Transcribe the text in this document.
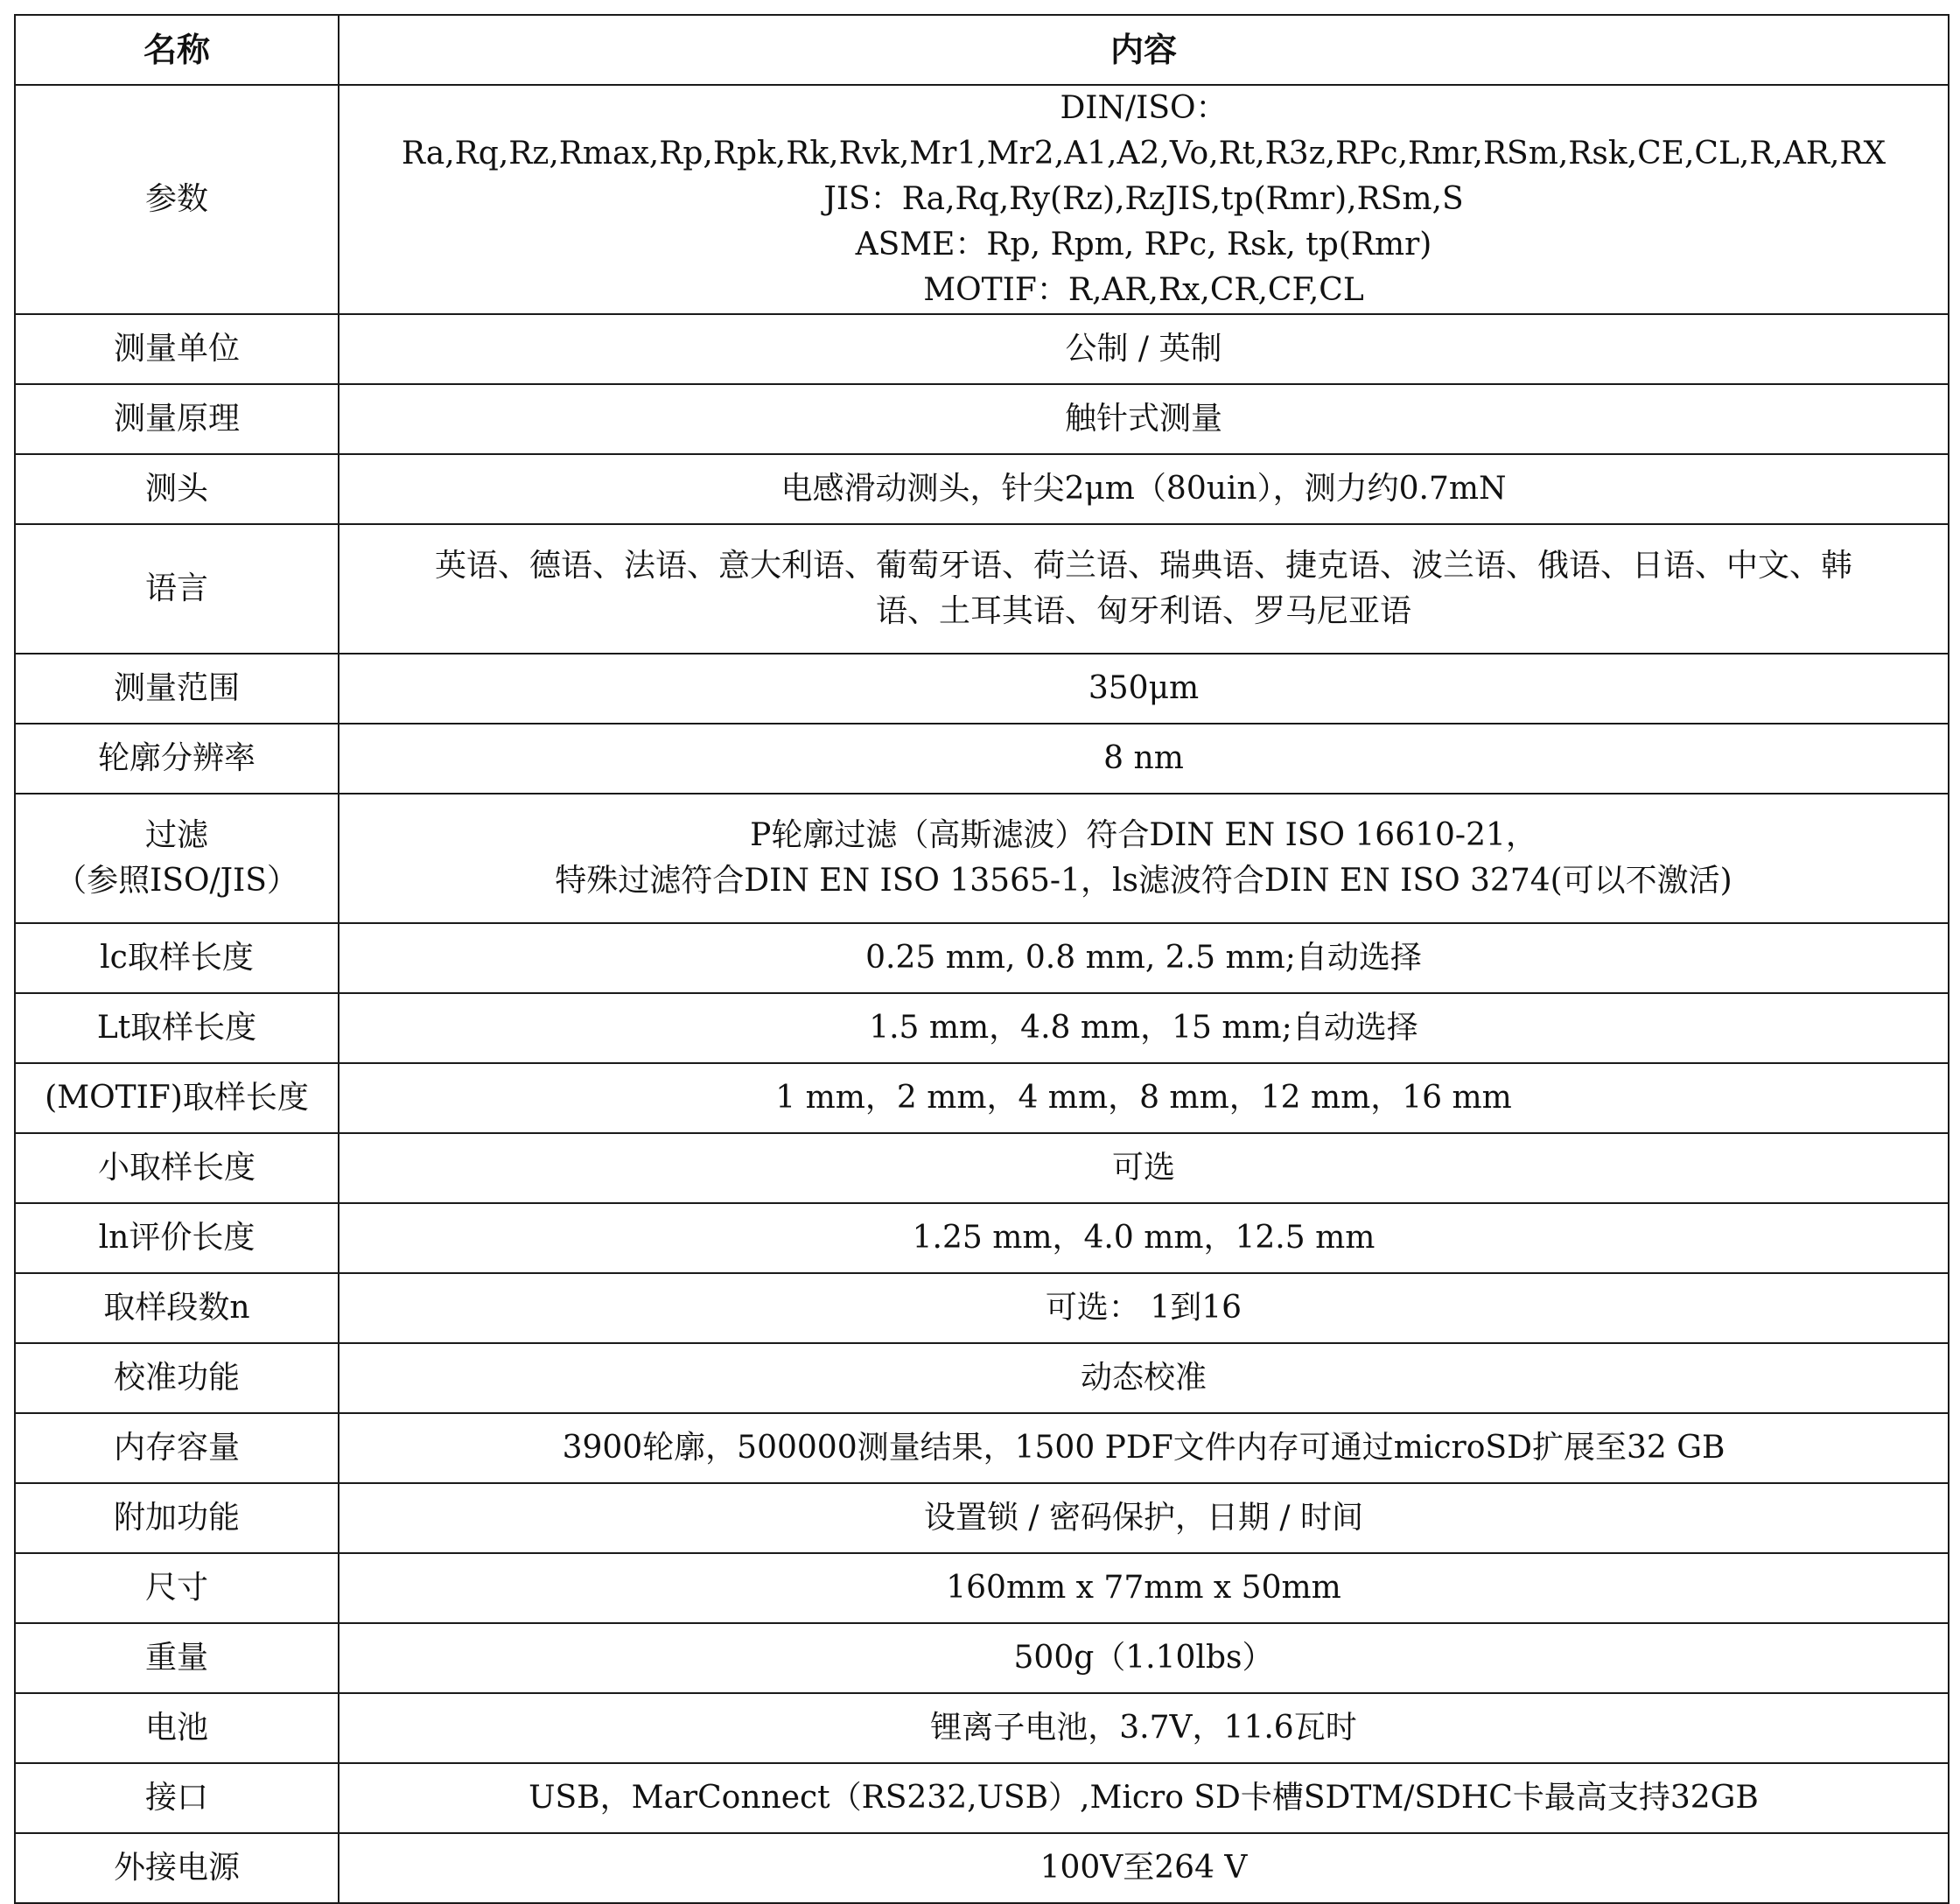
名称	内容
参数	DIN/ISO：Ra,Rq,Rz,Rmax,Rp,Rpk,Rk,Rvk,Mr1,Mr2,A1,A2,Vo,Rt,R3z,RPc,Rmr,RSm,Rsk,CE,CL,R,AR,RX
JIS：Ra,Rq,Ry(Rz),RzJIS,tp(Rmr),RSm,S
ASME：Rp, Rpm, RPc, Rsk, tp(Rmr)
MOTIF：R,AR,Rx,CR,CF,CL

测量单位	公制 / 英制

测量原理	触针式测量

测头	电感滑动测头，针尖2μm（80uin），测力约0.7mN

语言	英语、德语、法语、意大利语、葡萄牙语、荷兰语、瑞典语、捷克语、波兰语、俄语、日语、中文、韩
语、土耳其语、匈牙利语、罗马尼亚语

测量范围	350μm

轮廓分辨率	8 nm

过滤
（参照ISO/JIS）	P轮廓过滤（高斯滤波）符合DIN EN ISO 16610-21，
特殊过滤符合DIN EN ISO 13565-1，ls滤波符合DIN EN ISO 3274(可以不激活)

lc取样长度	0.25 mm, 0.8 mm, 2.5 mm;自动选择

Lt取样长度	1.5 mm，4.8 mm，15 mm;自动选择

(MOTIF)取样长度	1 mm，2 mm，4 mm，8 mm，12 mm，16 mm

小取样长度	可选

ln评价长度	1.25 mm，4.0 mm，12.5 mm

取样段数n	可选： 1到16

校准功能	动态校准

内存容量	3900轮廓，500000测量结果，1500 PDF文件内存可通过microSD扩展至32 GB

附加功能	设置锁 / 密码保护，日期 / 时间

尺寸	160mm x 77mm x 50mm

重量	500g（1.10lbs）

电池	锂离子电池，3.7V，11.6瓦时

接口	USB，MarConnect（RS232,USB）,Micro SD卡槽SDTM/SDHC卡最高支持32GB

外接电源	100V至264 V
